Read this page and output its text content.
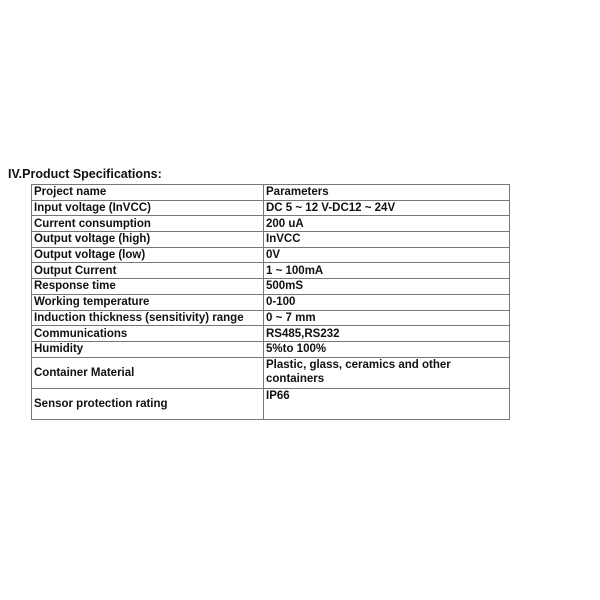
IV.Product Specifications:
Project name	Parameters
Input voltage (InVCC)	DC 5 ~ 12 V-DC12 ~ 24V
Current consumption	200 uA
Output voltage (high)	InVCC
Output voltage (low)	0V
Output Current	1 ~ 100mA
Response time	500mS
Working temperature	0-100
Induction thickness (sensitivity) range	0 ~ 7 mm
Communications	RS485,RS232
Humidity	5%to 100%
Container Material	Plastic, glass, ceramics and other containers
Sensor protection rating	IP66
